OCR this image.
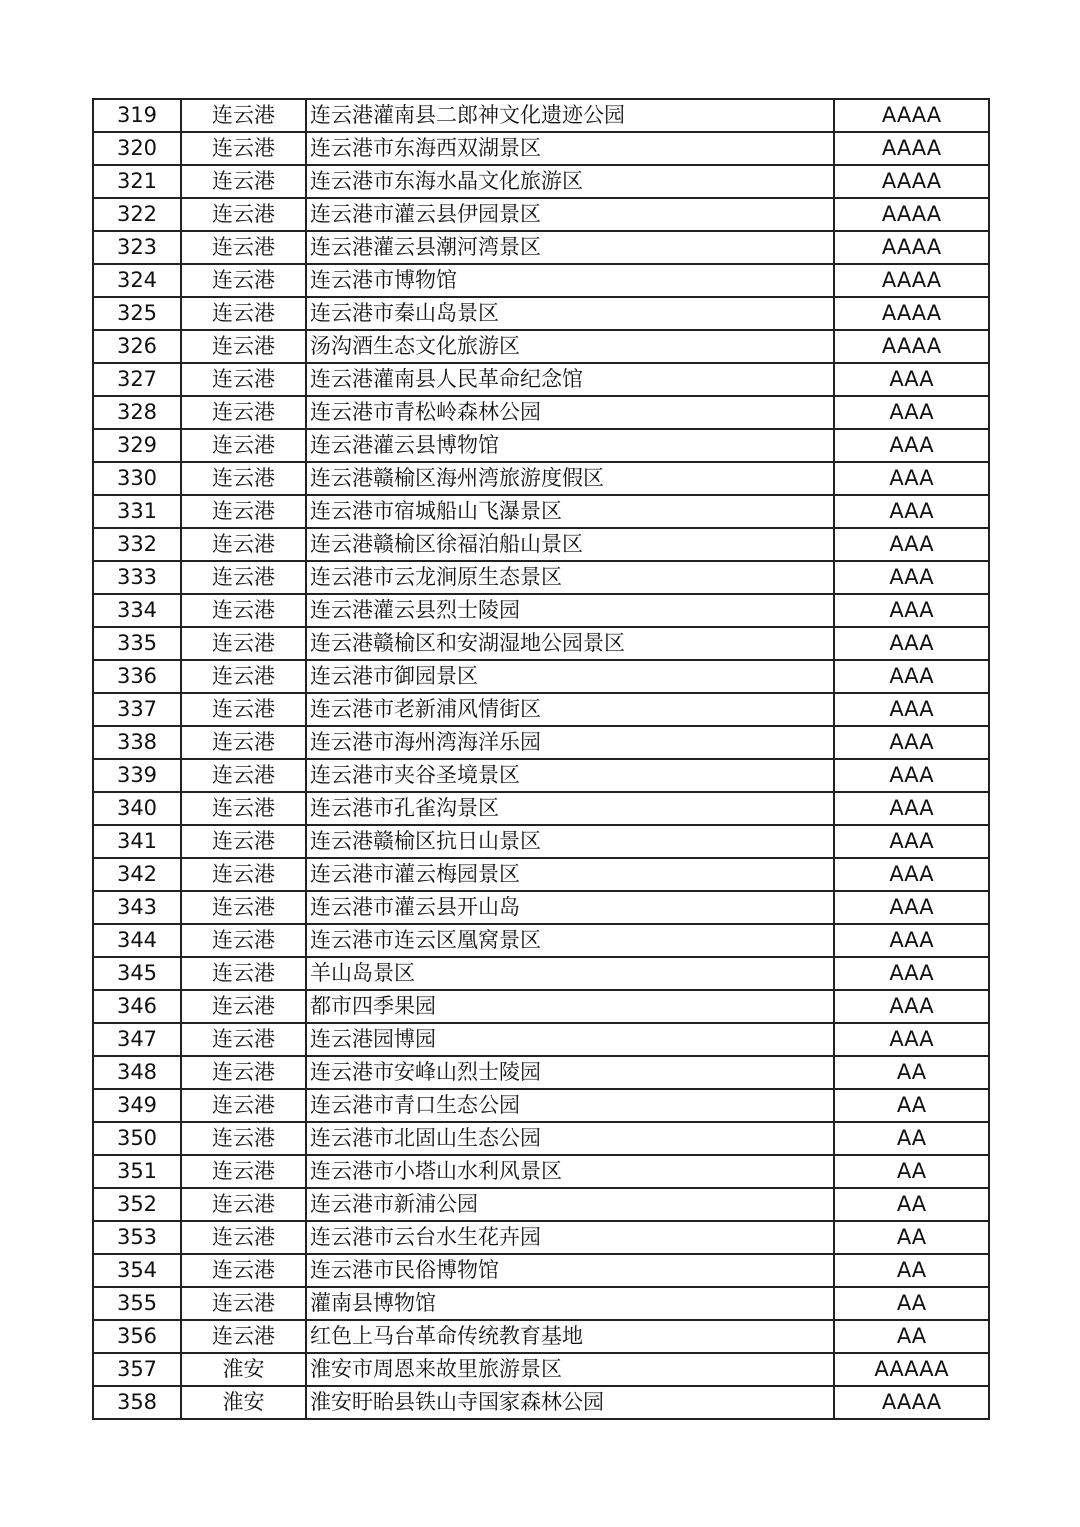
319	连云港	连云港灌南县二郎神文化遗迹公园	AAAA
320	连云港	连云港市东海西双湖景区	AAAA
321	连云港	连云港市东海水晶文化旅游区	AAAA
322	连云港	连云港市灌云县伊园景区	AAAA
323	连云港	连云港灌云县潮河湾景区	AAAA
324	连云港	连云港市博物馆	AAAA
325	连云港	连云港市秦山岛景区	AAAA
326	连云港	汤沟酒生态文化旅游区	AAAA
327	连云港	连云港灌南县人民革命纪念馆	AAA
328	连云港	连云港市青松岭森林公园	AAA
329	连云港	连云港灌云县博物馆	AAA
330	连云港	连云港赣榆区海州湾旅游度假区	AAA
331	连云港	连云港市宿城船山飞瀑景区	AAA
332	连云港	连云港赣榆区徐福泊船山景区	AAA
333	连云港	连云港市云龙涧原生态景区	AAA
334	连云港	连云港灌云县烈士陵园	AAA
335	连云港	连云港赣榆区和安湖湿地公园景区	AAA
336	连云港	连云港市御园景区	AAA
337	连云港	连云港市老新浦风情街区	AAA
338	连云港	连云港市海州湾海洋乐园	AAA
339	连云港	连云港市夹谷圣境景区	AAA
340	连云港	连云港市孔雀沟景区	AAA
341	连云港	连云港赣榆区抗日山景区	AAA
342	连云港	连云港市灌云梅园景区	AAA
343	连云港	连云港市灌云县开山岛	AAA
344	连云港	连云港市连云区凰窝景区	AAA
345	连云港	羊山岛景区	AAA
346	连云港	都市四季果园	AAA
347	连云港	连云港园博园	AAA
348	连云港	连云港市安峰山烈士陵园	AA
349	连云港	连云港市青口生态公园	AA
350	连云港	连云港市北固山生态公园	AA
351	连云港	连云港市小塔山水利风景区	AA
352	连云港	连云港市新浦公园	AA
353	连云港	连云港市云台水生花卉园	AA
354	连云港	连云港市民俗博物馆	AA
355	连云港	灌南县博物馆	AA
356	连云港	红色上马台革命传统教育基地	AA
357	淮安	淮安市周恩来故里旅游景区	AAAAA
358	淮安	淮安盱眙县铁山寺国家森林公园	AAAA
